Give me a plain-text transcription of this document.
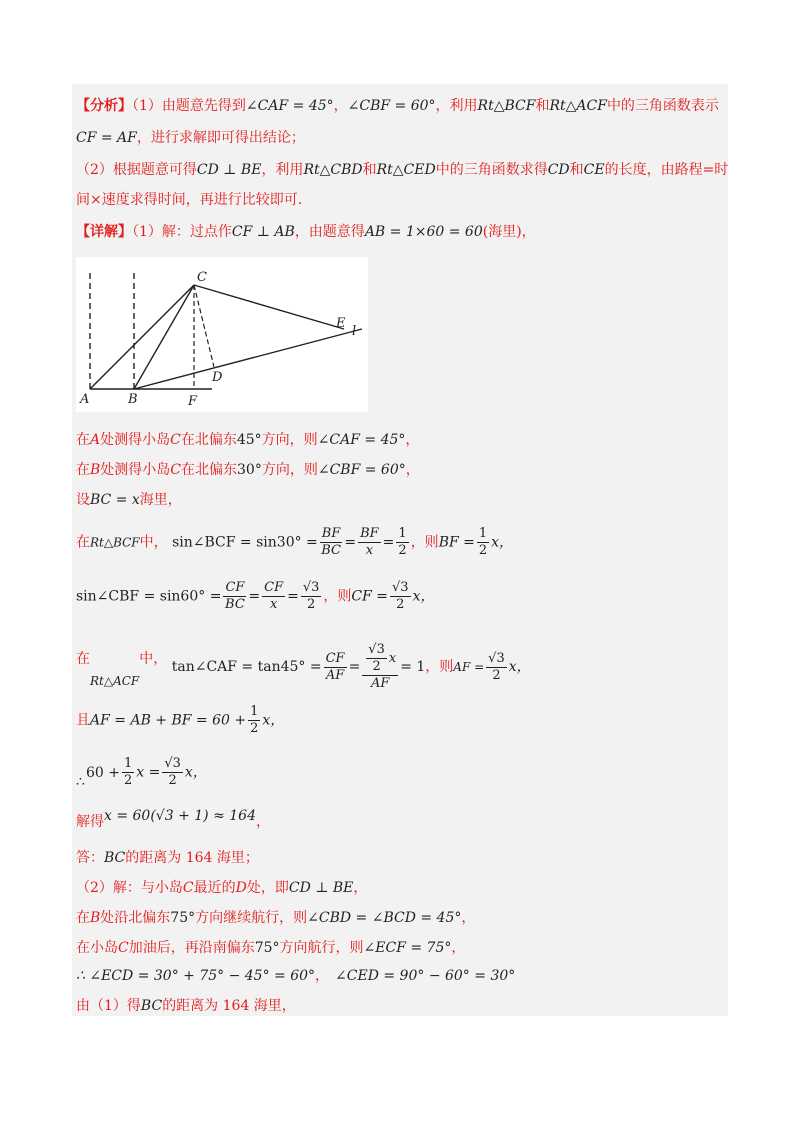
【分析】（1）由题意先得到∠CAF = 45°，∠CBF = 60°，利用Rt△BCF和Rt△ACF中的三角函数表示
CF = AF，进行求解即可得出结论；
（2）根据题意可得CD ⊥ BE，利用Rt△CBD和Rt△CED中的三角函数求得CD和CE的长度，由路程=时
间×速度求得时间，再进行比较即可.
【详解】（1）解：过点作CF ⊥ AB，由题意得AB = 1×60 = 60(海里)，
C
E
l
D
A	B	F
在A处测得小岛C在北偏东45°方向，则∠CAF = 45°，
在B处测得小岛C在北偏东30°方向，则∠CBF = 60°，
设BC = x海里，
在Rt△BCF中， sin∠BCF = $\sin 30^\circ = \frac{BF}{BC} = \frac{BF}{x} = \frac{1}{2}$ ，则BF = $\frac{1}{2}$ x，
sin∠CBF = $\sin 60^\circ = \frac{CF}{BC} = \frac{CF}{x} = \frac{√3}{2}$ ，则CF = $\frac{√3}{2}$ x，
在Rt△ACF中， tan∠CAF = $\tan 45^\circ = \frac{CF}{AF} = \frac{\frac{√3}{2} x}{AF} = 1$，则AF = $\frac{√3}{2}$ x，
且AF = AB + BF = $60 + \frac{1}{2}$ x，
$60 + \frac{1}{2}$ $x = \frac{√3}{2}$ x，
∴
解得x = 60(√3 + 1) ≈ 164，
答：BC的距离为 164 海里；
（2）解：与小岛C最近的D处，即CD ⊥ BE，
在B处沿北偏东75°方向继续航行，则∠CBD = ∠BCD = 45°，
在小岛C加油后，再沿南偏东75°方向航行，则∠ECF = 75°，
∴ ∠ECD = 30° + 75° − 45° = 60°， ∠CED = 90° − 60° = 30°
由（1）得BC的距离为 164 海里，
